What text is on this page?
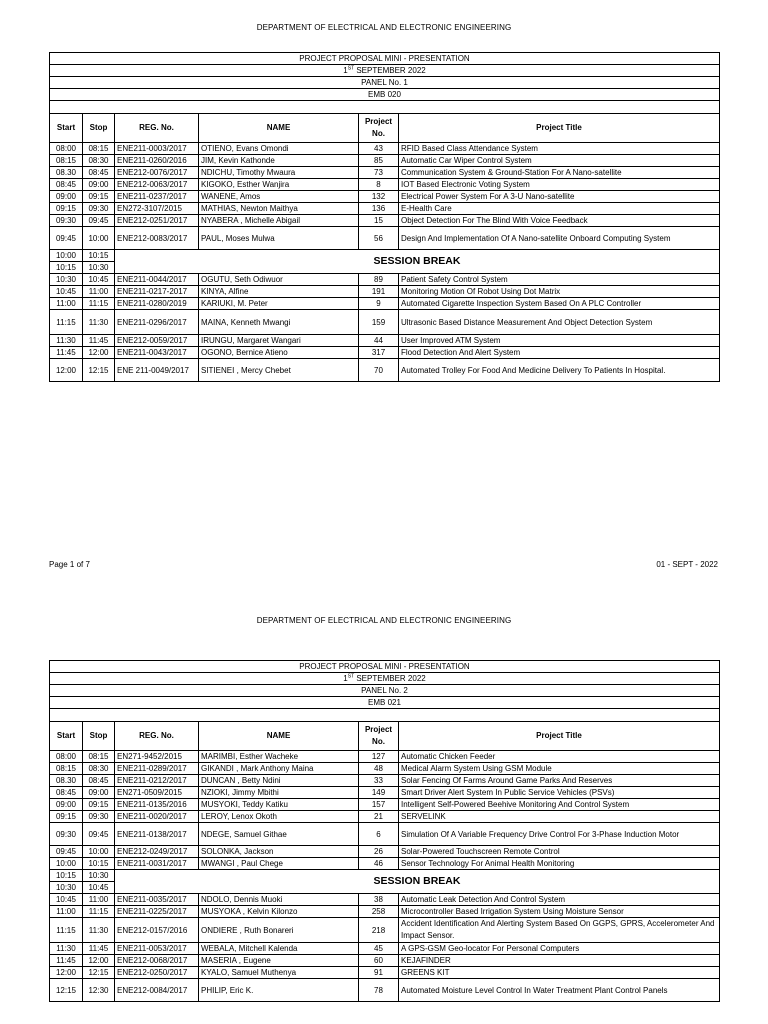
DEPARTMENT OF ELECTRICAL AND ELECTRONIC ENGINEERING
PROJECT PROPOSAL MINI - PRESENTATION					
1ST SEPTEMBER 2022					
PANEL No. 1					
EMB 020					

Start	Stop	REG. No.	NAME	Project No.	Project Title
08:00	08:15	ENE211-0003/2017	OTIENO, Evans Omondi	43	RFID Based Class Attendance System
08:15	08:30	ENE211-0260/2016	JIM, Kevin Kathonde	85	Automatic Car Wiper Control System
08.30	08:45	ENE212-0076/2017	NDICHU, Timothy Mwaura	73	Communication System & Ground-Station For A Nano-satellite
08:45	09:00	ENE212-0063/2017	KIGOKO, Esther Wanjira	8	IOT Based Electronic Voting System
09:00	09:15	ENE211-0237/2017	WANENE, Amos	132	Electrical Power System For A 3-U Nano-satellite
09:15	09:30	EN272-3107/2015	MATHIAS, Newton Maithya	136	E-Health Care
09:30	09:45	ENE212-0251/2017	NYABERA , Michelle Abigail	15	Object Detection For The Blind With Voice Feedback
09:45	10:00	ENE212-0083/2017	PAUL, Moses Mulwa	56	Design And Implementation Of A Nano-satellite Onboard Computing System
10:00	10:15	SESSION BREAK			
10:15	10:30				
10:30	10:45	ENE211-0044/2017	OGUTU, Seth Odiwuor	89	Patient Safety Control System
10:45	11:00	ENE211-0217-2017	KINYA, Alfine	191	Monitoring Motion Of Robot Using Dot Matrix
11:00	11:15	ENE211-0280/2019	KARIUKI, M. Peter	9	Automated Cigarette Inspection System Based On A PLC Controller
11:15	11:30	ENE211-0296/2017	MAINA, Kenneth Mwangi	159	Ultrasonic Based Distance Measurement And Object Detection System
11:30	11:45	ENE212-0059/2017	IRUNGU, Margaret Wangari	44	User Improved ATM System
11:45	12:00	ENE211-0043/2017	OGONO, Bernice Atieno	317	Flood Detection And Alert System
12:00	12:15	ENE 211-0049/2017	SITIENEI , Mercy Chebet	70	Automated Trolley For Food And Medicine Delivery To Patients In Hospital.
Page 1 of 7	01 - SEPT - 2022
DEPARTMENT OF ELECTRICAL AND ELECTRONIC ENGINEERING
PROJECT PROPOSAL MINI - PRESENTATION					
1ST SEPTEMBER 2022					
PANEL No. 2					
EMB 021					

Start	Stop	REG. No.	NAME	Project No.	Project Title
08:00	08:15	EN271-9452/2015	MARIMBI, Esther Wacheke	127	Automatic Chicken Feeder
08:15	08:30	ENE211-0289/2017	GIKANDI , Mark Anthony Maina	48	Medical Alarm System Using GSM Module
08.30	08:45	ENE211-0212/2017	DUNCAN , Betty Ndini	33	Solar Fencing Of Farms Around Game Parks And Reserves
08:45	09:00	EN271-0509/2015	NZIOKI, Jimmy Mbithi	149	Smart Driver Alert System In Public Service Vehicles (PSVs)
09:00	09:15	ENE211-0135/2016	MUSYOKI, Teddy Katiku	157	Intelligent Self-Powered Beehive Monitoring And Control System
09:15	09:30	ENE211-0020/2017	LEROY, Lenox Okoth	21	SERVELINK
09:30	09:45	ENE211-0138/2017	NDEGE, Samuel Githae	6	Simulation Of A Variable Frequency Drive Control For 3-Phase Induction Motor
09:45	10:00	ENE212-0249/2017	SOLONKA, Jackson	26	Solar-Powered Touchscreen Remote Control
10:00	10:15	ENE211-0031/2017	MWANGI , Paul Chege	46	Sensor Technology For Animal Health Monitoring
10:15	10:30	SESSION BREAK			
10:30	10:45				
10:45	11:00	ENE211-0035/2017	NDOLO, Dennis Muoki	38	Automatic Leak Detection And Control System
11:00	11:15	ENE211-0225/2017	MUSYOKA , Kelvin Kilonzo	258	Microcontroller Based Irrigation System Using Moisture Sensor
11:15	11:30	ENE212-0157/2016	ONDIERE , Ruth Bonareri	218	Accident Identification And Alerting System Based On GGPS, GPRS, Accelerometer And Impact Sensor.
11:30	11:45	ENE211-0053/2017	WEBALA, Mitchell Kalenda	45	A GPS-GSM Geo-locator For Personal Computers
11:45	12:00	ENE212-0068/2017	MASERIA , Eugene	60	KEJAFINDER
12:00	12:15	ENE212-0250/2017	KYALO, Samuel Muthenya	91	GREENS KIT
12:15	12:30	ENE212-0084/2017	PHILIP, Eric K.	78	Automated Moisture Level Control In Water Treatment Plant Control Panels
